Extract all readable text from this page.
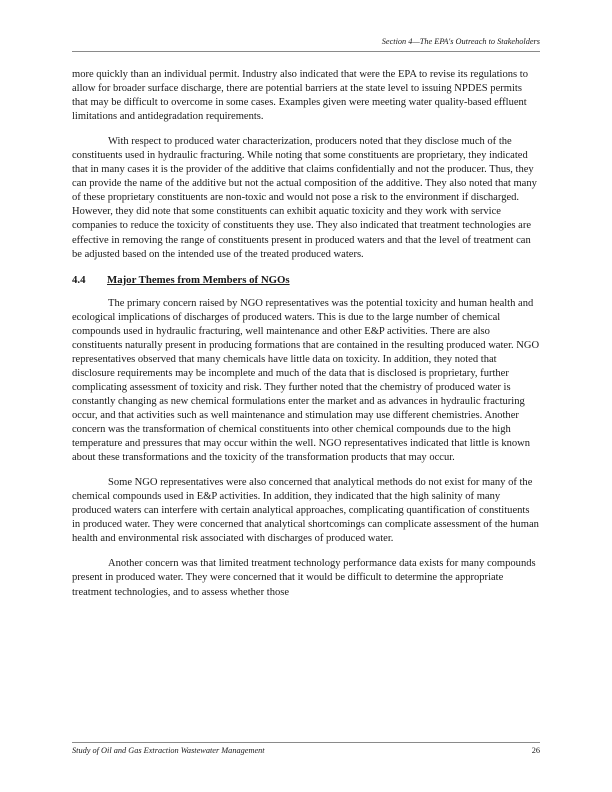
Section 4—The EPA's Outreach to Stakeholders

more quickly than an individual permit. Industry also indicated that were the EPA to revise its regulations to allow for broader surface discharge, there are potential barriers at the state level to issuing NPDES permits that may be difficult to overcome in some cases. Examples given were meeting water quality-based effluent limitations and antidegradation requirements.

With respect to produced water characterization, producers noted that they disclose much of the constituents used in hydraulic fracturing. While noting that some constituents are proprietary, they indicated that in many cases it is the provider of the additive that claims confidentially and not the producer. Thus, they can provide the name of the additive but not the actual composition of the additive. They also noted that many of these proprietary constituents are non-toxic and would not pose a risk to the environment if discharged. However, they did note that some constituents can exhibit aquatic toxicity and they work with service companies to reduce the toxicity of constituents they use. They also indicated that treatment technologies are effective in removing the range of constituents present in produced waters and that the level of treatment can be adjusted based on the intended use of the treated produced waters.

4.4 Major Themes from Members of NGOs

The primary concern raised by NGO representatives was the potential toxicity and human health and ecological implications of discharges of produced waters. This is due to the large number of chemical compounds used in hydraulic fracturing, well maintenance and other E&P activities. There are also constituents naturally present in producing formations that are contained in the resulting produced water. NGO representatives observed that many chemicals have little data on toxicity. In addition, they noted that disclosure requirements may be incomplete and much of the data that is disclosed is proprietary, further complicating assessment of toxicity and risk. They further noted that the chemistry of produced water is constantly changing as new chemical formulations enter the market and as advances in hydraulic fracturing occur, and that activities such as well maintenance and stimulation may use different chemistries. Another concern was the transformation of chemical constituents into other chemical compounds due to the high temperature and pressures that may occur within the well. NGO representatives indicated that little is known about these transformations and the toxicity of the transformation products that may occur.

Some NGO representatives were also concerned that analytical methods do not exist for many of the chemical compounds used in E&P activities. In addition, they indicated that the high salinity of many produced waters can interfere with certain analytical approaches, complicating quantification of constituents in produced water. They were concerned that analytical shortcomings can complicate assessment of the human health and environmental risk associated with discharges of produced water.

Another concern was that limited treatment technology performance data exists for many compounds present in produced water. They were concerned that it would be difficult to determine the appropriate treatment technologies, and to assess whether those

Study of Oil and Gas Extraction Wastewater Management	26
